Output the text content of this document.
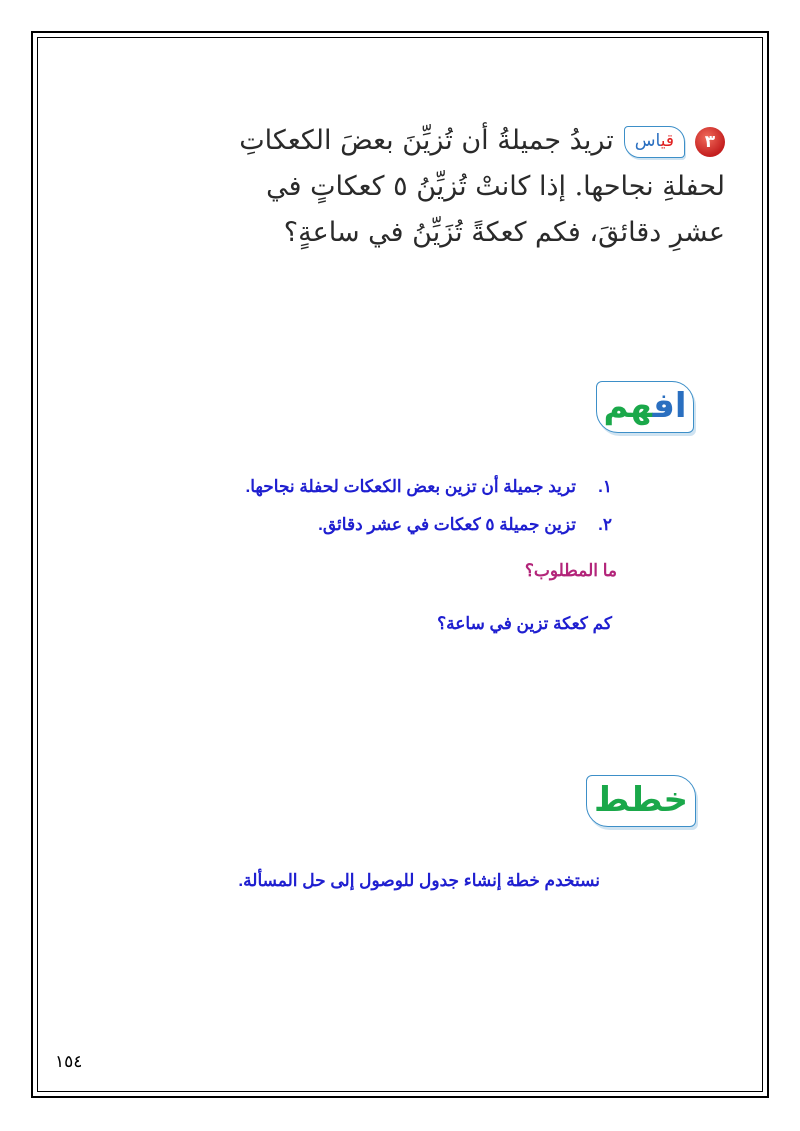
٣قياستريدُ جميلةُ أن تُزيِّنَ بعضَ الكعكاتِ
لحفلةِ نجاحها. إذا كانتْ تُزيِّنُ ٥ كعكاتٍ في
عشرِ دقائقَ، فكم كعكةً تُزَيِّنُ في ساعةٍ؟
افهم
١.تريد جميلة أن تزين بعض الكعكات لحفلة نجاحها.
٢.تزين جميلة ٥ كعكات في عشر دقائق.
ما المطلوب؟
كم كعكة تزين في ساعة؟
خطط
نستخدم خطة إنشاء جدول للوصول إلى حل المسألة.
١٥٤
